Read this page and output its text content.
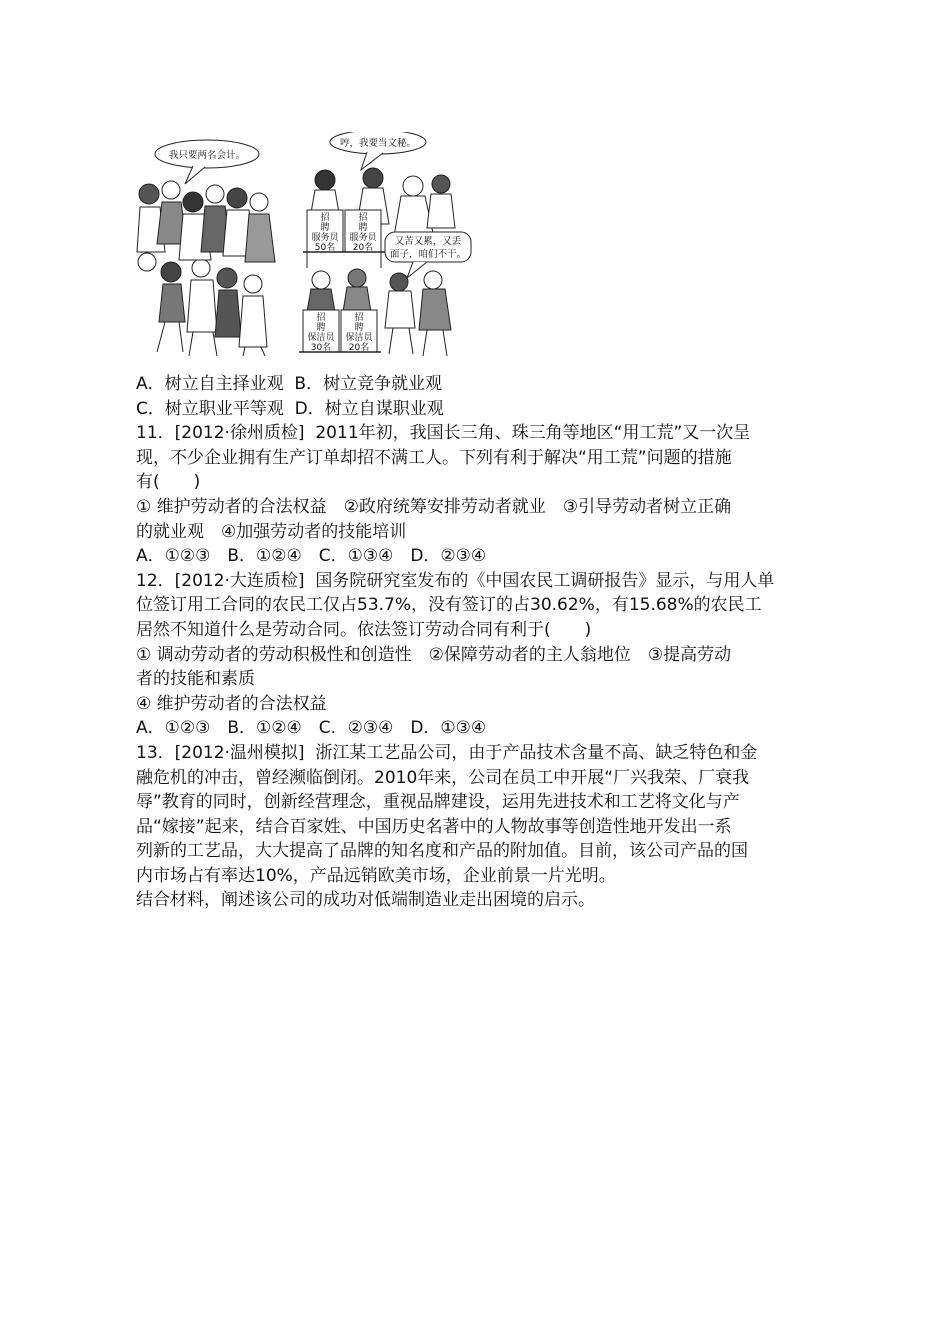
我只要两名会计。
哼，我要当文秘。
又苦又累，又丢
面子，咱们不干。
招
聘
服务员
50名
招
聘
服务员
20名
招
聘
保洁员
30名
招
聘
保洁员
20名

A．树立自主择业观  B．树立竞争就业观

C．树立职业平等观  D．树立自谋职业观

11．[2012·徐州质检]  2011年初，我国长三角、珠三角等地区“用工荒”又一次呈

现，不少企业拥有生产订单却招不满工人。下列有利于解决“用工荒”问题的措施

有(　　)

① 维护劳动者的合法权益　②政府统筹安排劳动者就业　③引导劳动者树立正确

的就业观　④加强劳动者的技能培训

A．①②③　B．①②④　C．①③④　D．②③④

12．[2012·大连质检]  国务院研究室发布的《中国农民工调研报告》显示，与用人单

位签订用工合同的农民工仅占53.7%，没有签订的占30.62%，有15.68%的农民工

居然不知道什么是劳动合同。依法签订劳动合同有利于(　　)

① 调动劳动者的劳动积极性和创造性　②保障劳动者的主人翁地位　③提高劳动

者的技能和素质

④ 维护劳动者的合法权益

A．①②③　B．①②④　C．②③④　D．①③④

13．[2012·温州模拟]  浙江某工艺品公司，由于产品技术含量不高、缺乏特色和金

融危机的冲击，曾经濒临倒闭。2010年来，公司在员工中开展“厂兴我荣、厂衰我

辱”教育的同时，创新经营理念，重视品牌建设，运用先进技术和工艺将文化与产

品“嫁接”起来，结合百家姓、中国历史名著中的人物故事等创造性地开发出一系

列新的工艺品，大大提高了品牌的知名度和产品的附加值。目前，该公司产品的国

内市场占有率达10%，产品远销欧美市场，企业前景一片光明。

结合材料，阐述该公司的成功对低端制造业走出困境的启示。
